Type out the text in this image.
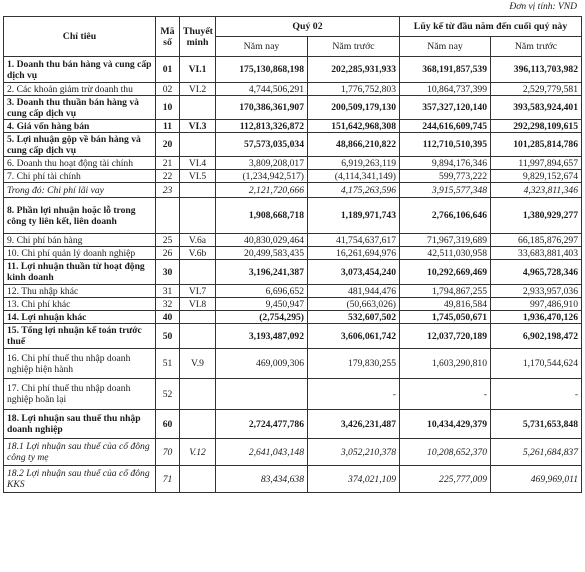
Đơn vị tính: VND
Chỉ tiêu	Mã số	Thuyết minh	Quý 02		Lũy kế từ đầu năm đến cuối quý này	
			Năm nay	Năm trước	Năm nay	Năm trước
1. Doanh thu bán hàng và cung cấp dịch vụ	01	VI.1	175,130,868,198	202,285,931,933	368,191,857,539	396,113,703,982
2. Các khoản giảm trừ doanh thu	02	VI.2	4,744,506,291	1,776,752,803	10,864,737,399	2,529,779,581
3. Doanh thu thuần bán hàng và cung cấp dịch vụ	10		170,386,361,907	200,509,179,130	357,327,120,140	393,583,924,401
4. Giá vốn hàng bán	11	VI.3	112,813,326,872	151,642,968,308	244,616,609,745	292,298,109,615
5. Lợi nhuận gộp về bán hàng và cung cấp dịch vụ	20		57,573,035,034	48,866,210,822	112,710,510,395	101,285,814,786
6. Doanh thu hoạt động tài chính	21	VI.4	3,809,208,017	6,919,263,119	9,894,176,346	11,997,894,657
7. Chi phí tài chính	22	VI.5	(1,234,942,517)	(4,114,341,149)	599,773,222	9,829,152,674
Trong đó: Chi phí lãi vay	23		2,121,720,666	4,175,263,596	3,915,577,348	4,323,811,346
8. Phần lợi nhuận hoặc lỗ trong công ty liên kết, liên doanh			1,908,668,718	1,189,971,743	2,766,106,646	1,380,929,277
9. Chi phí bán hàng	25	V.6a	40,830,029,464	41,754,637,617	71,967,319,689	66,185,876,297
10. Chi phí quản lý doanh nghiệp	26	V.6b	20,499,583,435	16,261,694,976	42,511,030,958	33,683,881,403
11. Lợi nhuận thuần từ hoạt động kinh doanh	30		3,196,241,387	3,073,454,240	10,292,669,469	4,965,728,346
12. Thu nhập khác	31	VI.7	6,696,652	481,944,476	1,794,867,255	2,933,957,036
13. Chi phí khác	32	VI.8	9,450,947	(50,663,026)	49,816,584	997,486,910
14. Lợi nhuận khác	40		(2,754,295)	532,607,502	1,745,050,671	1,936,470,126
15. Tổng lợi nhuận kế toán trước thuế	50		3,193,487,092	3,606,061,742	12,037,720,189	6,902,198,472
16. Chi phí thuế thu nhập doanh nghiệp hiện hành	51	V.9	469,009,306	179,830,255	1,603,290,810	1,170,544,624
17. Chi phí thuế thu nhập doanh nghiệp hoãn lại	52			-	-	-
18. Lợi nhuận sau thuế thu nhập doanh nghiệp	60		2,724,477,786	3,426,231,487	10,434,429,379	5,731,653,848
18.1 Lợi nhuận sau thuế của cổ đông công ty mẹ	70	V.12	2,641,043,148	3,052,210,378	10,208,652,370	5,261,684,837
18.2 Lợi nhuận sau thuế của cổ đông KKS	71		83,434,638	374,021,109	225,777,009	469,969,011
